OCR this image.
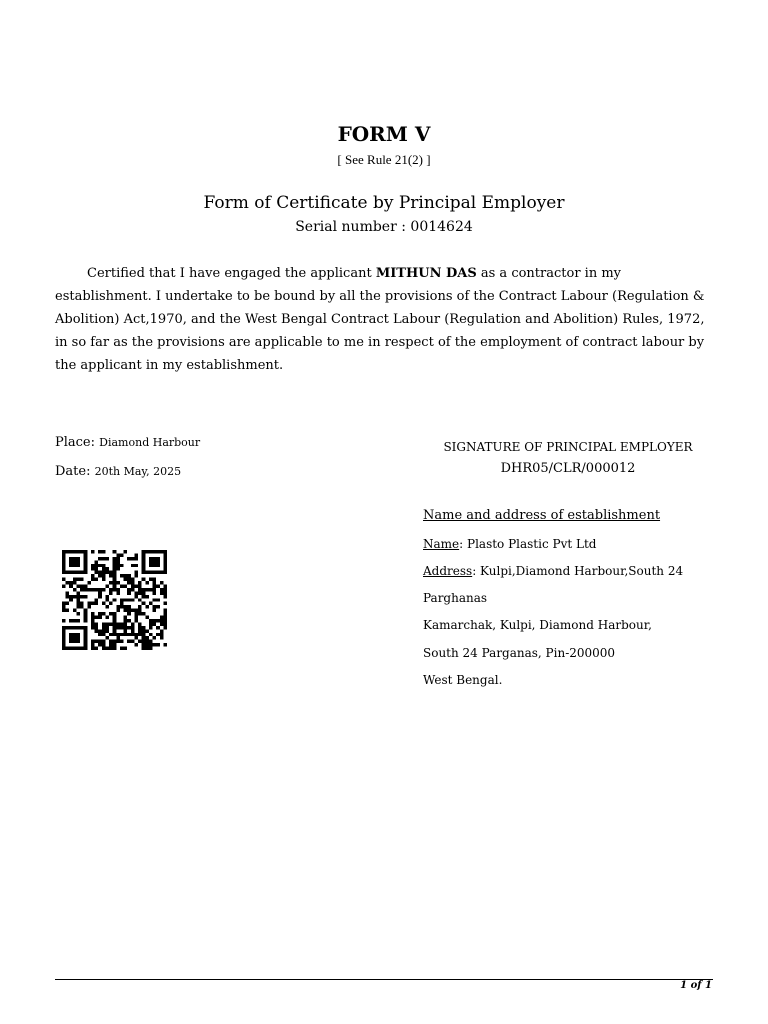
FORM V
[ See Rule 21(2) ]
Form of Certificate by Principal Employer
Serial number : 0014624
Certified that I have engaged the applicant MITHUN DAS as a contractor in my establishment. I undertake to be bound by all the provisions of the Contract Labour (Regulation & Abolition) Act,1970, and the West Bengal Contract Labour (Regulation and Abolition) Rules, 1972, in so far as the provisions are applicable to me in respect of the employment of contract labour by the applicant in my establishment.
Place: Diamond Harbour
Date: 20th May, 2025
SIGNATURE OF PRINCIPAL EMPLOYER
DHR05/CLR/000012
Name and address of establishment
Name: Plasto Plastic Pvt Ltd
Address: Kulpi,Diamond Harbour,South 24
Parghanas
Kamarchak, Kulpi, Diamond Harbour,
South 24 Parganas, Pin-200000
West Bengal.
1 of 1
